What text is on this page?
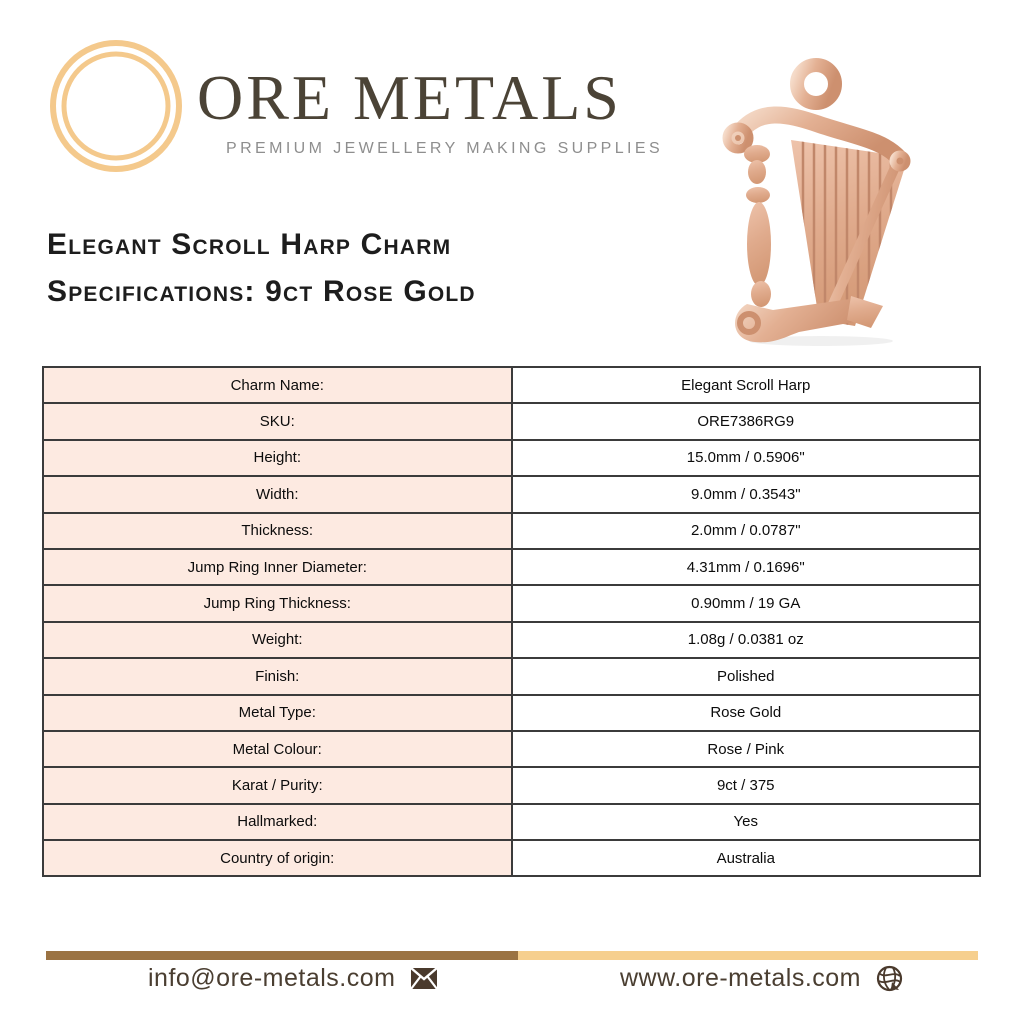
ORE METALS
PREMIUM JEWELLERY MAKING SUPPLIES
Elegant Scroll Harp Charm
Specifications: 9ct Rose Gold
Charm Name:	Elegant Scroll Harp
SKU:	ORE7386RG9
Height:	15.0mm / 0.5906"
Width:	9.0mm / 0.3543"
Thickness:	2.0mm / 0.0787"
Jump Ring Inner Diameter:	4.31mm / 0.1696"
Jump Ring Thickness:	0.90mm / 19 GA
Weight:	1.08g / 0.0381 oz
Finish:	Polished
Metal Type:	Rose Gold
Metal Colour:	Rose / Pink
Karat / Purity:	9ct / 375
Hallmarked:	Yes
Country of origin:	Australia
info@ore-metals.com	www.ore-metals.com
